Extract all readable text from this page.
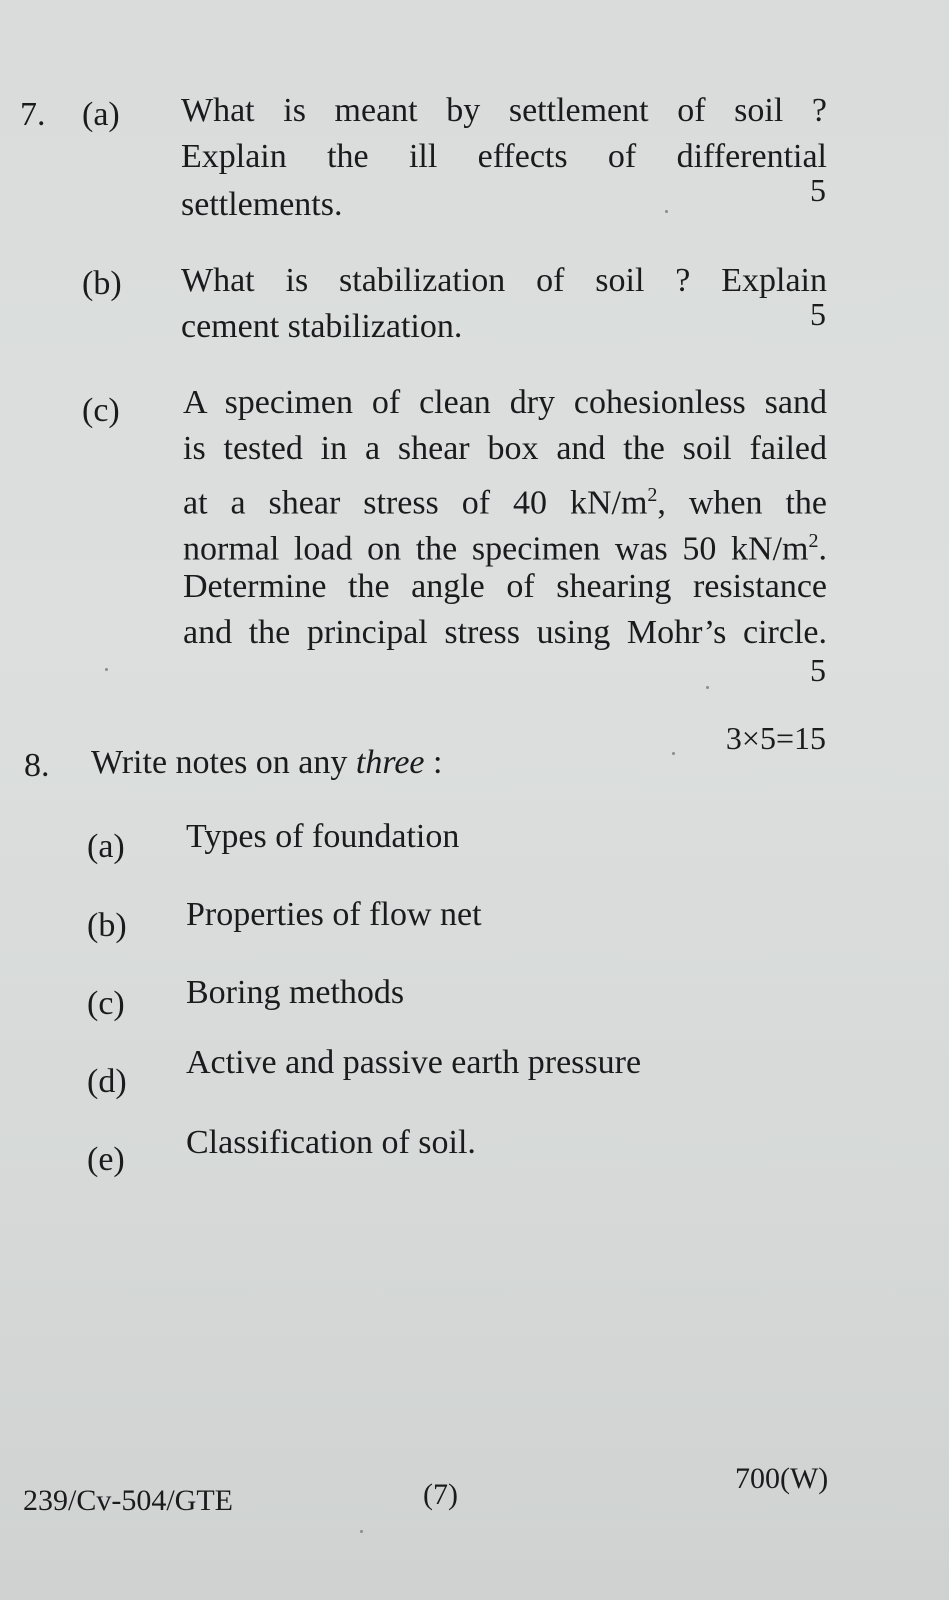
7. (a) What is meant by settlement of soil ?
Explain the ill effects of differential
settlements.	5
(b) What is stabilization of soil ? Explain
cement stabilization.	5
(c) A specimen of clean dry cohesionless sand
is tested in a shear box and the soil failed
at a shear stress of 40 $kN/m^2$, when the
normal load on the specimen was 50 $kN/m^2$.
Determine the angle of shearing resistance
and the principal stress using Mohr’s circle.
5
8. Write notes on any three :
3×5=15
(a) Types of foundation
(b) Properties of flow net
(c) Boring methods
(d)
Active and passive earth pressure
(e) Classification of soil.
239/Cv-504/GTE	(7)	700(W)
